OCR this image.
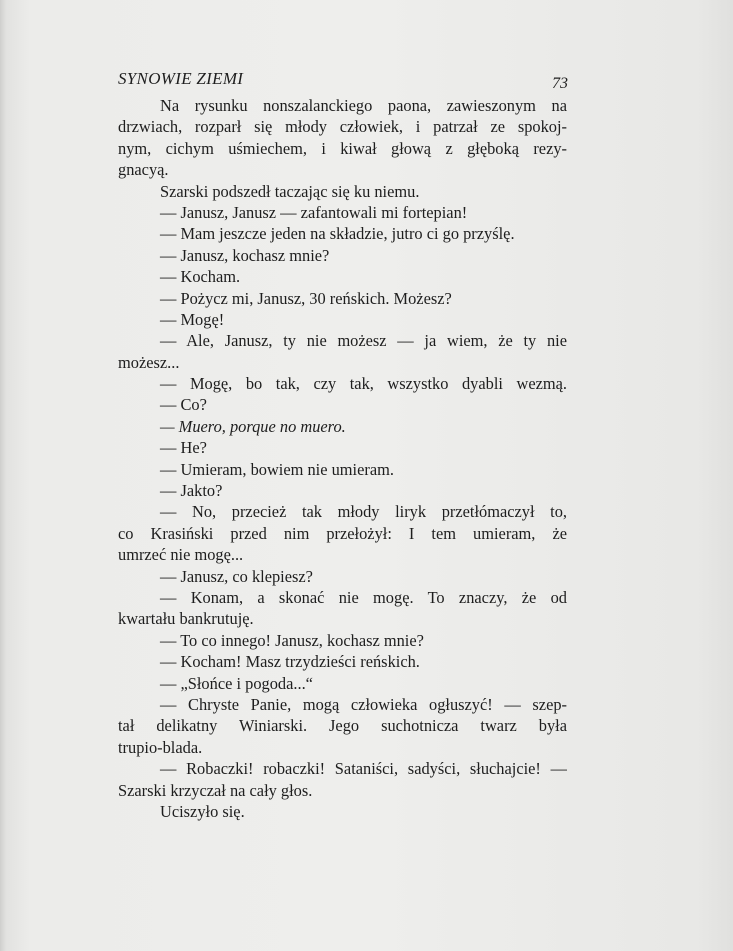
SYNOWIE ZIEMI	73
Na rysunku nonszalanckiego paona, zawieszonym na
drzwiach, rozparł się młody człowiek, i patrzał ze spokoj-
nym, cichym uśmiechem, i kiwał głową z głęboką rezy-
gnacyą.
Szarski podszedł taczając się ku niemu.
— Janusz, Janusz — zafantowali mi fortepian!
— Mam jeszcze jeden na składzie, jutro ci go przyślę.
— Janusz, kochasz mnie?
— Kocham.
— Pożycz mi, Janusz, 30 reńskich. Możesz?
— Mogę!
— Ale, Janusz, ty nie możesz — ja wiem, że ty nie
możesz...
— Mogę, bo tak, czy tak, wszystko dyabli wezmą.
— Co?
— Muero, porque no muero.
— He?
— Umieram, bowiem nie umieram.
— Jakto?
— No, przecież tak młody liryk przetłómaczył to,
co Krasiński przed nim przełożył: I tem umieram, że
umrzeć nie mogę...
— Janusz, co klepiesz?
— Konam, a skonać nie mogę. To znaczy, że od
kwartału bankrutuję.
— To co innego! Janusz, kochasz mnie?
— Kocham! Masz trzydzieści reńskich.
— „Słońce i pogoda...“
— Chryste Panie, mogą człowieka ogłuszyć! — szep-
tał delikatny Winiarski. Jego suchotnicza twarz była
trupio-blada.
— Robaczki! robaczki! Sataniści, sadyści, słuchajcie! —
Szarski krzyczał na cały głos.
Uciszyło się.
